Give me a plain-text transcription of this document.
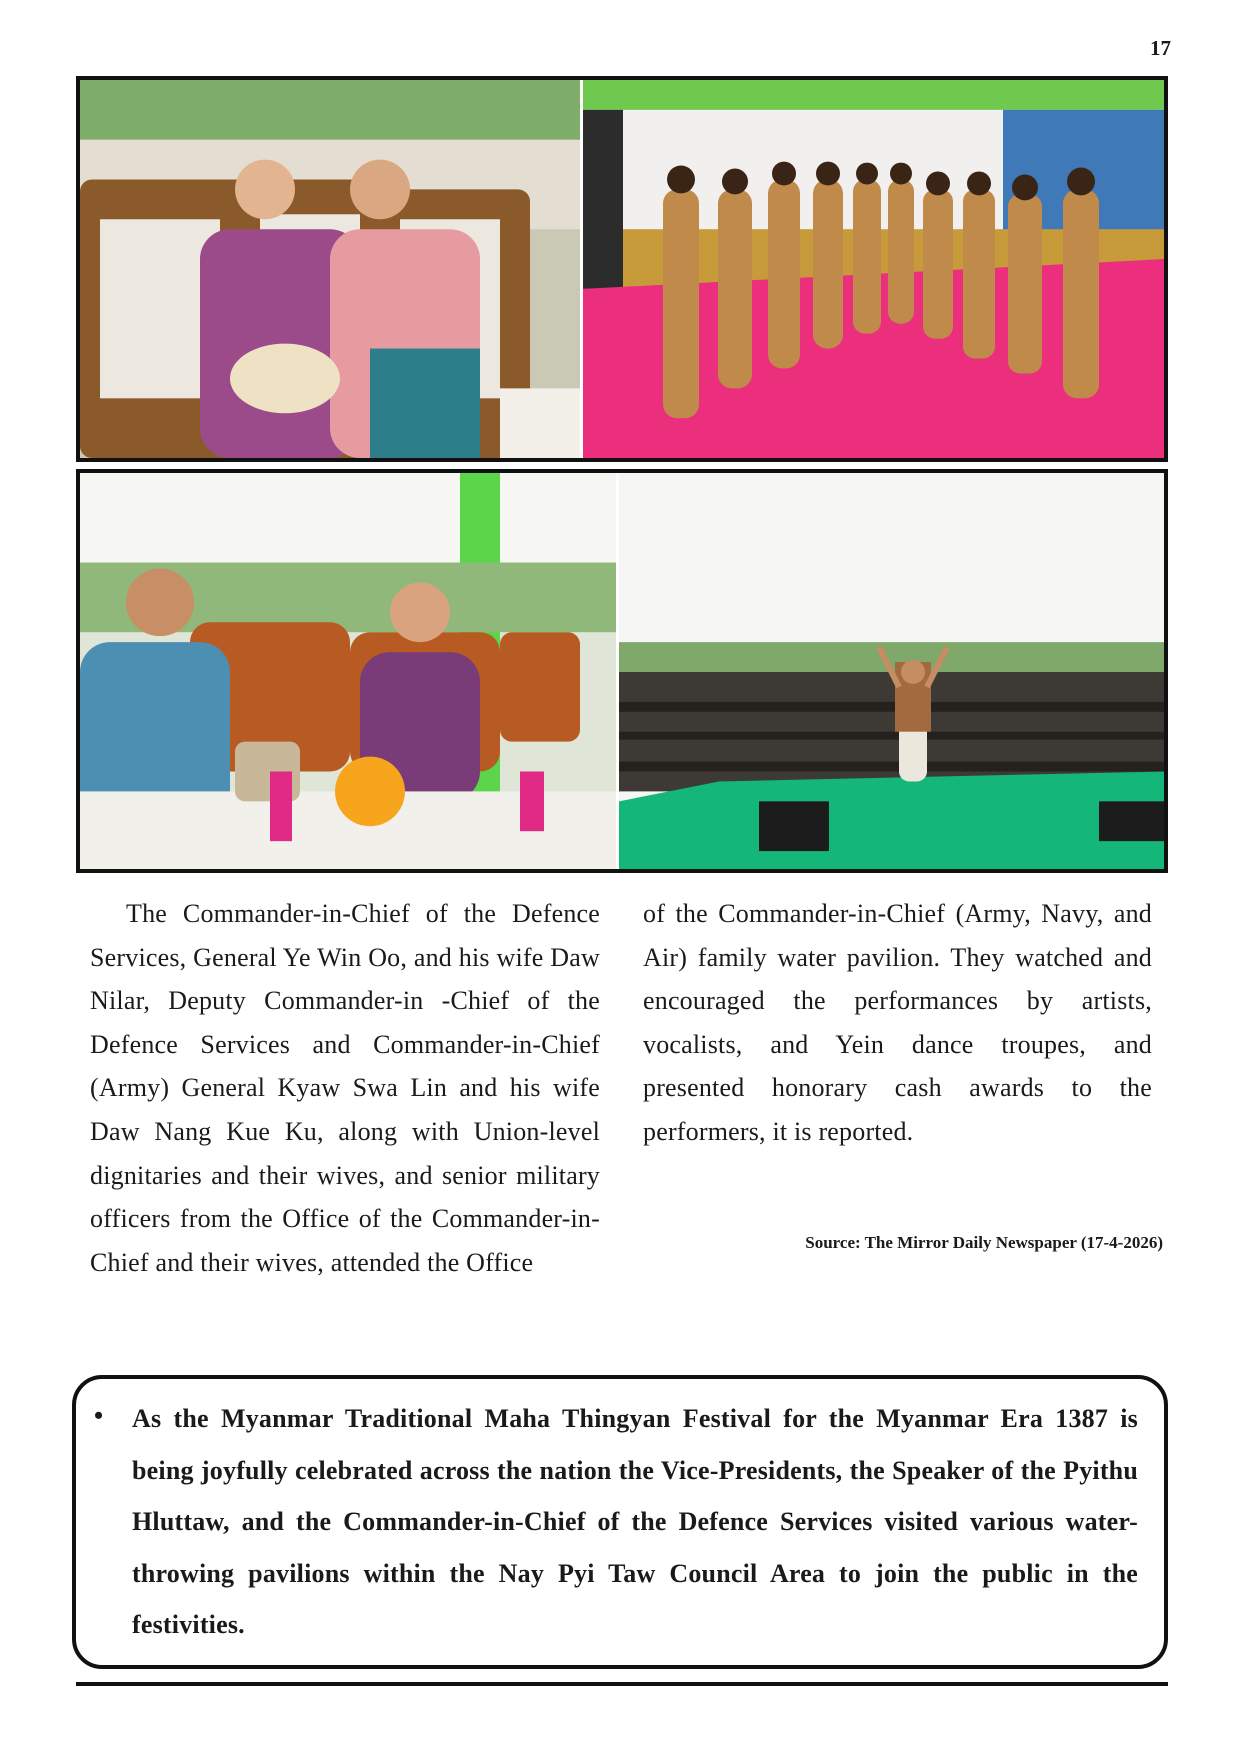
17
The Commander-in-Chief of the Defence Services, General Ye Win Oo, and his wife Daw Nilar, Deputy Commander-in -Chief of the Defence Services and Commander-in-Chief (Army) General Kyaw Swa Lin and his wife Daw Nang Kue Ku, along with Union-level dignitaries and their wives, and senior military officers from the Office of the Commander-in-Chief and their wives, attended the Office
of the Commander-in-Chief (Army, Navy, and Air) family water pavilion. They watched and encouraged the performances by artists, vocalists, and Yein dance troupes, and presented honorary cash awards to the performers, it is reported.
Source: The Mirror Daily Newspaper (17-4-2026)
• As the Myanmar Traditional Maha Thingyan Festival for the Myanmar Era 1387 is being joyfully celebrated across the nation the Vice-Presidents, the Speaker of the Pyithu Hluttaw, and the Commander-in-Chief of the Defence Services visited various water-throwing pavilions within the Nay Pyi Taw Council Area to join the public in the festivities.
